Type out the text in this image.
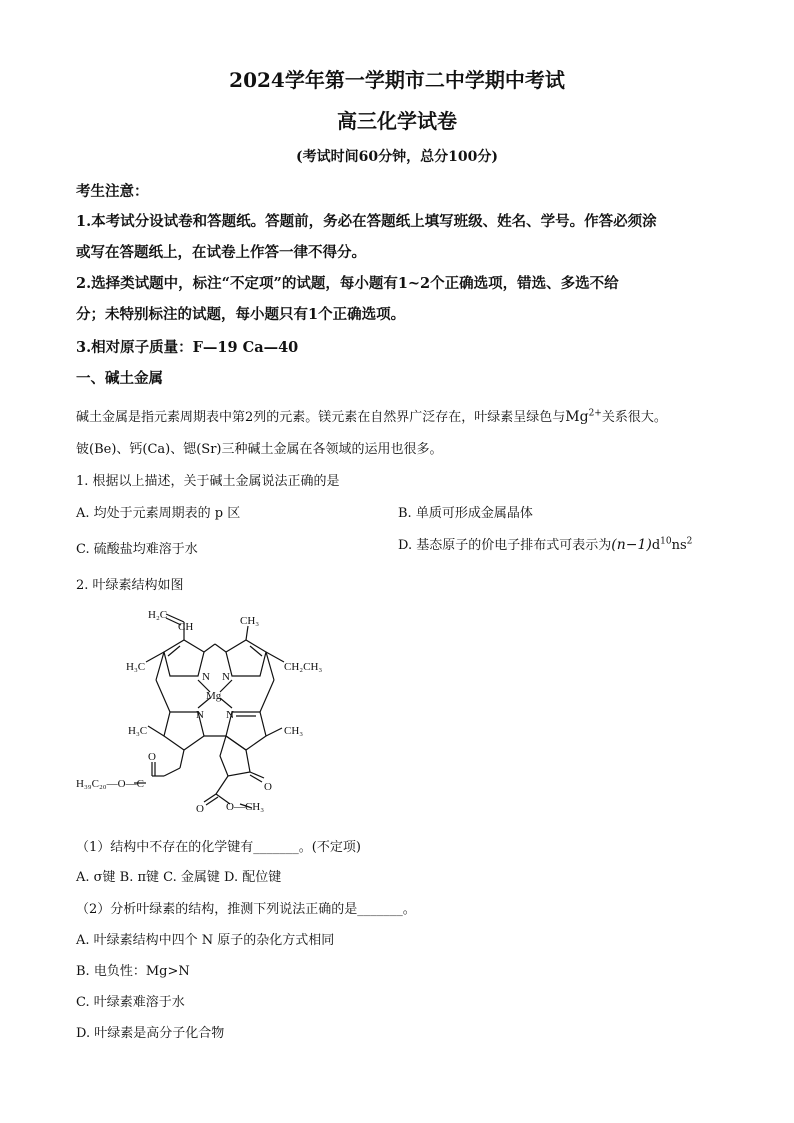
2024学年第一学期市二中学期中考试
高三化学试卷
(考试时间60分钟，总分100分)
考生注意：
1.本考试分设试卷和答题纸。答题前，务必在答题纸上填写班级、姓名、学号。作答必须涂
或写在答题纸上，在试卷上作答一律不得分。
2.选择类试题中，标注“不定项”的试题，每小题有1~2个正确选项，错选、多选不给
分；未特别标注的试题，每小题只有1个正确选项。
3.相对原子质量：F—19 Ca—40
一、碱土金属
碱土金属是指元素周期表中第2列的元素。镁元素在自然界广泛存在，叶绿素呈绿色与$Mg^{2+}$关系很大。
铍(Be)、钙(Ca)、锶(Sr)三种碱土金属在各领域的运用也很多。
1. 根据以上描述，关于碱土金属说法正确的是
A. 均处于元素周期表的 p 区	B. 单质可形成金属晶体
C. 硫酸盐均难溶于水	D. 基态原子的价电子排布式可表示为$(n-1)d^{10}ns^2$
2. 叶绿素结构如图
H₂C
CH	CH₃
H₃C	CH₂CH₃
N N
Mg
N N
H₃C	CH₃
O
H₃₉C₂₀—O—C	O
O O—CH₃
（1）结构中不存在的化学键有_______。(不定项)
A. σ键 B. π键 C. 金属键 D. 配位键
（2）分析叶绿素的结构，推测下列说法正确的是_______。
A. 叶绿素结构中四个 N 原子的杂化方式相同
B. 电负性：Mg>N
C. 叶绿素难溶于水
D. 叶绿素是高分子化合物
